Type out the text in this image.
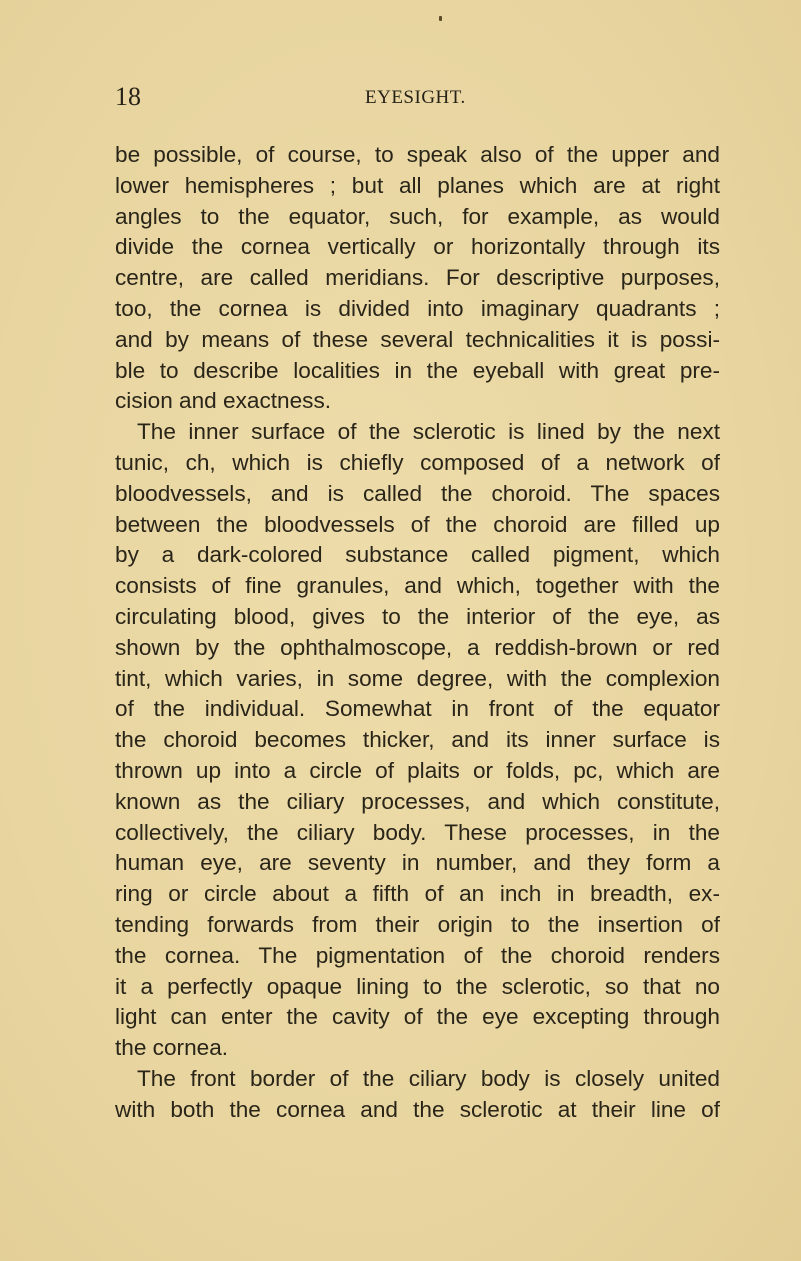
18	EYESIGHT.
be possible, of course, to speak also of the upper and
lower hemispheres ; but all planes which are at right
angles to the equator, such, for example, as would
divide the cornea vertically or horizontally through its
centre, are called meridians. For descriptive purposes,
too, the cornea is divided into imaginary quadrants ;
and by means of these several technicalities it is possi-
ble to describe localities in the eyeball with great pre-
cision and exactness.
The inner surface of the sclerotic is lined by the next
tunic, ch, which is chiefly composed of a network of
bloodvessels, and is called the choroid. The spaces
between the bloodvessels of the choroid are filled up
by a dark-colored substance called pigment, which
consists of fine granules, and which, together with the
circulating blood, gives to the interior of the eye, as
shown by the ophthalmoscope, a reddish-brown or red
tint, which varies, in some degree, with the complexion
of the individual. Somewhat in front of the equator
the choroid becomes thicker, and its inner surface is
thrown up into a circle of plaits or folds, pc, which are
known as the ciliary processes, and which constitute,
collectively, the ciliary body. These processes, in the
human eye, are seventy in number, and they form a
ring or circle about a fifth of an inch in breadth, ex-
tending forwards from their origin to the insertion of
the cornea. The pigmentation of the choroid renders
it a perfectly opaque lining to the sclerotic, so that no
light can enter the cavity of the eye excepting through
the cornea.
The front border of the ciliary body is closely united
with both the cornea and the sclerotic at their line of
